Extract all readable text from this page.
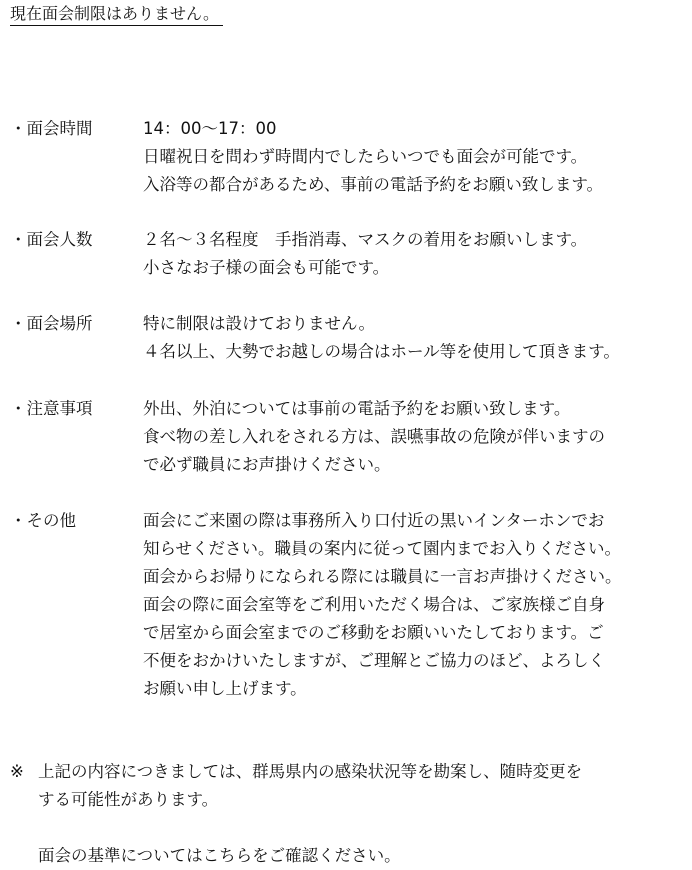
現在面会制限はありません。
・面会時間	14：00～17：00
日曜祝日を問わず時間内でしたらいつでも面会が可能です。
入浴等の都合があるため、事前の電話予約をお願い致します。
・面会人数	２名～３名程度　手指消毒、マスクの着用をお願いします。
小さなお子様の面会も可能です。
・面会場所	特に制限は設けておりません。
４名以上、大勢でお越しの場合はホール等を使用して頂きます。
・注意事項	外出、外泊については事前の電話予約をお願い致します。
食べ物の差し入れをされる方は、誤嚥事故の危険が伴いますの
で必ず職員にお声掛けください。
・その他	面会にご来園の際は事務所入り口付近の黒いインターホンでお
知らせください。職員の案内に従って園内までお入りください。
面会からお帰りになられる際には職員に一言お声掛けください。
面会の際に面会室等をご利用いただく場合は、ご家族様ご自身
で居室から面会室までのご移動をお願いいたしております。ご
不便をおかけいたしますが、ご理解とご協力のほど、よろしく
お願い申し上げます。
※ 上記の内容につきましては、群馬県内の感染状況等を勘案し、随時変更を
する可能性があります。
面会の基準についてはこちらをご確認ください。
